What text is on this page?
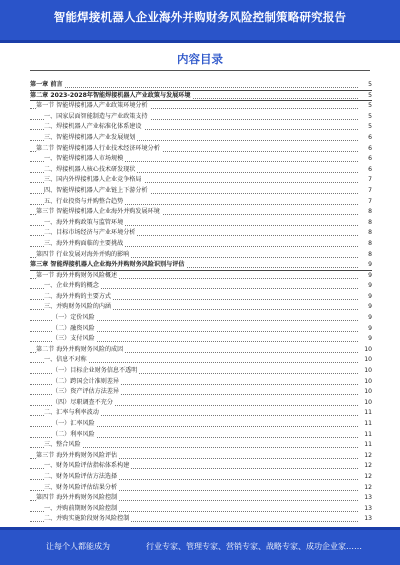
智能焊接机器人企业海外并购财务风险控制策略研究报告
内容目录
第一章 前言	5
第二章 2023-2028年智能焊接机器人产业政策与发展环境	5
第一节 智能焊接机器人产业政策环境分析	5
一、国家层面智能制造与产业政策支持	5
二、焊接机器人产业标准化体系建设	5
三、智能焊接机器人产业发展规划	6
第二节 智能焊接机器人行业技术经济环境分析	6
一、智能焊接机器人市场规模	6
二、焊接机器人核心技术研发现状	6
三、国内外焊接机器人企业竞争格局	7
四、智能焊接机器人产业链上下游分析	7
五、行业投资与并购整合趋势	7
第三节 智能焊接机器人企业海外并购发展环境	8
一、海外并购政策与监管环境	8
二、目标市场经济与产业环境分析	8
三、海外并购面临的主要挑战	8
第四节 行业发展对海外并购的影响	8
第三章 智能焊接机器人企业海外并购财务风险识别与评估	9
第一节 海外并购财务风险概述	9
一、企业并购的概念	9
二、海外并购的主要方式	9
三、并购财务风险的内涵	9
（一）定价风险	9
（二）融资风险	9
（三）支付风险	9
第二节 海外并购财务风险的成因	10
一、信息不对称	10
（一）目标企业财务信息不透明	10
（二）跨国会计准则差异	10
（三）资产评估方法差异	10
（四）尽职调查不充分	10
二、汇率与利率波动	11
（一）汇率风险	11
（二）利率风险	11
三、整合风险	11
第三节 海外并购财务风险评估	12
一、财务风险评估指标体系构建	12
二、财务风险评估方法选择	12
三、财务风险评估结果分析	12
第四节 海外并购财务风险控制	13
一、并购前期财务风险控制	13
二、并购实施阶段财务风险控制	13
让每个人都能成为	行业专家、管理专家、营销专家、战略专家、成功企业家……
